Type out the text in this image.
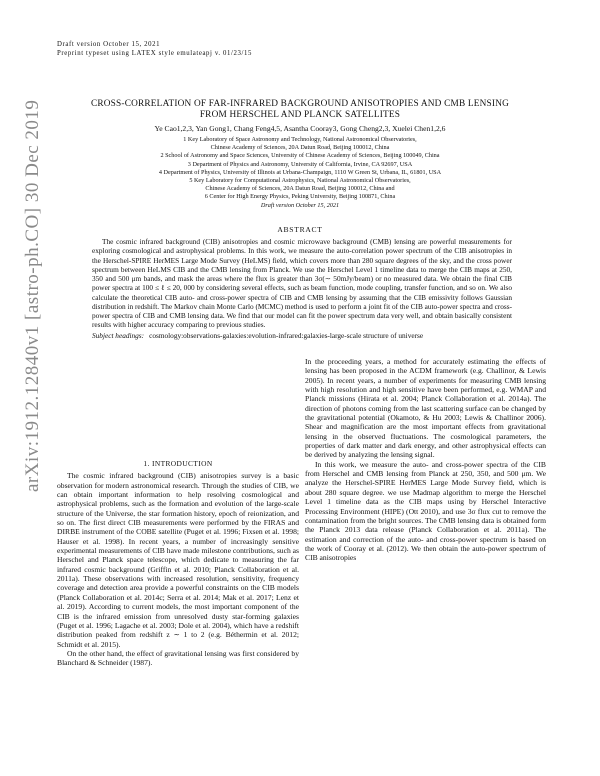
Draft version October 15, 2021
Preprint typeset using LATEX style emulateapj v. 01/23/15
arXiv:1912.12840v1 [astro-ph.CO] 30 Dec 2019	CROSS-CORRELATION OF FAR-INFRARED BACKGROUND ANISOTROPIES AND CMB LENSING
FROM HERSCHEL AND PLANCK SATELLITES
Ye Cao1,2,3, Yan Gong1, Chang Feng4,5, Asantha Cooray3, Gong Cheng2,3, Xuelei Chen1,2,6
1 Key Laboratory of Space Astronomy and Technology, National Astronomical Observatories,
Chinese Academy of Sciences, 20A Datun Road, Beijing 100012, China
2 School of Astronomy and Space Sciences, University of Chinese Academy of Sciences, Beijing 100049, China
3 Department of Physics and Astronomy, University of California, Irvine, CA 92697, USA
4 Department of Physics, University of Illinois at Urbana-Champaign, 1110 W Green St, Urbana, IL, 61801, USA
5 Key Laboratory for Computational Astrophysics, National Astronomical Observatories,
Chinese Academy of Sciences, 20A Datun Road, Beijing 100012, China and
6 Center for High Energy Physics, Peking University, Beijing 100871, China
Draft version October 15, 2021
ABSTRACT
The cosmic infrared background (CIB) anisotropies and cosmic microwave background (CMB) lensing are powerful measurements for exploring cosmological and astrophysical problems. In this work, we measure the auto-correlation power spectrum of the CIB anisotropies in the Herschel-SPIRE HerMES Large Mode Survey (HeLMS) field, which covers more than 280 square degrees of the sky, and the cross power spectrum between HeLMS CIB and the CMB lensing from Planck. We use the Herschel Level 1 timeline data to merge the CIB maps at 250, 350 and 500 μm bands, and mask the areas where the flux is greater than 3σ(∼ 50mJy/beam) or no measured data. We obtain the final CIB power spectra at 100 ≤ ℓ ≤ 20, 000 by considering several effects, such as beam function, mode coupling, transfer function, and so on. We also calculate the theoretical CIB auto- and cross-power spectra of CIB and CMB lensing by assuming that the CIB emissivity follows Gaussian distribution in redshift. The Markov chain Monte Carlo (MCMC) method is used to perform a joint fit of the CIB auto-power spectra and cross-power spectra of CIB and CMB lensing data. We find that our model can fit the power spectrum data very well, and obtain basically consistent results with higher accuracy comparing to previous studies.
Subject headings: cosmology:observations-galaxies:evolution-infrared:galaxies-large-scale structure of universe
1. INTRODUCTION

The cosmic infrared background (CIB) anisotropies survey is a basic observation for modern astronomical research. Through the studies of CIB, we can obtain important information to help resolving cosmological and astrophysical problems, such as the formation and evolution of the large-scale structure of the Universe, the star formation history, epoch of reionization, and so on. The first direct CIB measurements were performed by the FIRAS and DIRBE instrument of the COBE satellite (Puget et al. 1996; Fixsen et al. 1998; Hauser et al. 1998). In recent years, a number of increasingly sensitive experimental measurements of CIB have made milestone contributions, such as Herschel and Planck space telescope, which dedicate to measuring the far infrared cosmic background (Griffin et al. 2010; Planck Collaboration et al. 2011a). These observations with increased resolution, sensitivity, frequency coverage and detection area provide a powerful constraints on the CIB models (Planck Collaboration et al. 2014c; Serra et al. 2014; Mak et al. 2017; Lenz et al. 2019). According to current models, the most important component of the CIB is the infrared emission from unresolved dusty star-forming galaxies (Puget et al. 1996; Lagache et al. 2003; Dole et al. 2004), which have a redshift distribution peaked from redshift z ∼ 1 to 2 (e.g. Béthermin et al. 2012; Schmidt et al. 2015).

On the other hand, the effect of gravitational lensing was first considered by Blanchard & Schneider (1987).

In the proceeding years, a method for accurately estimating the effects of lensing has been proposed in the ACDM framework (e.g. Challinor, & Lewis 2005). In recent years, a number of experiments for measuring CMB lensing with high resolution and high sensitive have been performed, e.g. WMAP and Planck missions (Hirata et al. 2004; Planck Collaboration et al. 2014a). The direction of photons coming from the last scattering surface can be changed by the gravitational potential (Okamoto, & Hu 2003; Lewis & Challinor 2006). Shear and magnification are the most important effects from gravitational lensing in the observed fluctuations. The cosmological parameters, the properties of dark matter and dark energy, and other astrophysical effects can be derived by analyzing the lensing signal.

In this work, we measure the auto- and cross-power spectra of the CIB from Herschel and CMB lensing from Planck at 250, 350, and 500 μm. We analyze the Herschel-SPIRE HerMES Large Mode Survey field, which is about 280 square degree. we use Madmap algorithm to merge the Herschel Level 1 timeline data as the CIB maps using by Herschel Interactive Processing Environment (HIPE) (Ott 2010), and use 3σ flux cut to remove the contamination from the bright sources. The CMB lensing data is obtained form the Planck 2013 data release (Planck Collaboration et al. 2011a). The estimation and correction of the auto- and cross-power spectrum is based on the work of Cooray et al. (2012). We then obtain the auto-power spectrum of CIB anisotropies
